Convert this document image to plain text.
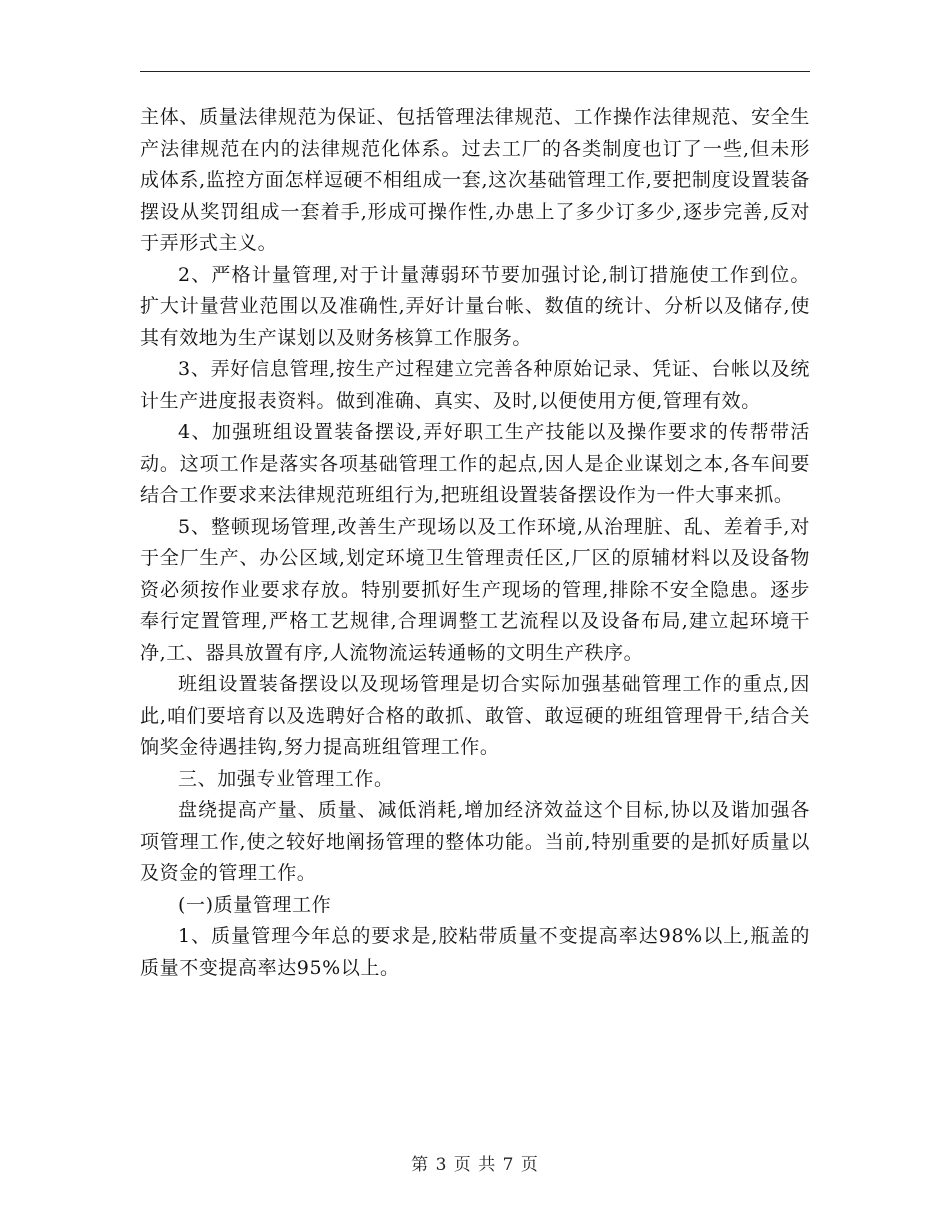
主体、质量法律规范为保证、包括管理法律规范、工作操作法律规范、安全生产法律规范在内的法律规范化体系。过去工厂的各类制度也订了一些,但未形成体系,监控方面怎样逗硬不相组成一套,这次基础管理工作,要把制度设置装备摆设从奖罚组成一套着手,形成可操作性,办患上了多少订多少,逐步完善,反对于弄形式主义。

2、严格计量管理,对于计量薄弱环节要加强讨论,制订措施使工作到位。扩大计量营业范围以及准确性,弄好计量台帐、数值的统计、分析以及储存,使其有效地为生产谋划以及财务核算工作服务。

3、弄好信息管理,按生产过程建立完善各种原始记录、凭证、台帐以及统计生产进度报表资料。做到准确、真实、及时,以便使用方便,管理有效。

4、加强班组设置装备摆设,弄好职工生产技能以及操作要求的传帮带活动。这项工作是落实各项基础管理工作的起点,因人是企业谋划之本,各车间要结合工作要求来法律规范班组行为,把班组设置装备摆设作为一件大事来抓。

5、整顿现场管理,改善生产现场以及工作环境,从治理脏、乱、差着手,对于全厂生产、办公区域,划定环境卫生管理责任区,厂区的原辅材料以及设备物资必须按作业要求存放。特别要抓好生产现场的管理,排除不安全隐患。逐步奉行定置管理,严格工艺规律,合理调整工艺流程以及设备布局,建立起环境干净,工、器具放置有序,人流物流运转通畅的文明生产秩序。

班组设置装备摆设以及现场管理是切合实际加强基础管理工作的重点,因此,咱们要培育以及选聘好合格的敢抓、敢管、敢逗硬的班组管理骨干,结合关饷奖金待遇挂钩,努力提高班组管理工作。

三、加强专业管理工作。

盘绕提高产量、质量、减低消耗,增加经济效益这个目标,协以及谐加强各项管理工作,使之较好地阐扬管理的整体功能。当前,特别重要的是抓好质量以及资金的管理工作。

(一)质量管理工作

1、质量管理今年总的要求是,胶粘带质量不变提高率达98%以上,瓶盖的质量不变提高率达95%以上。

第 3 页 共 7 页
